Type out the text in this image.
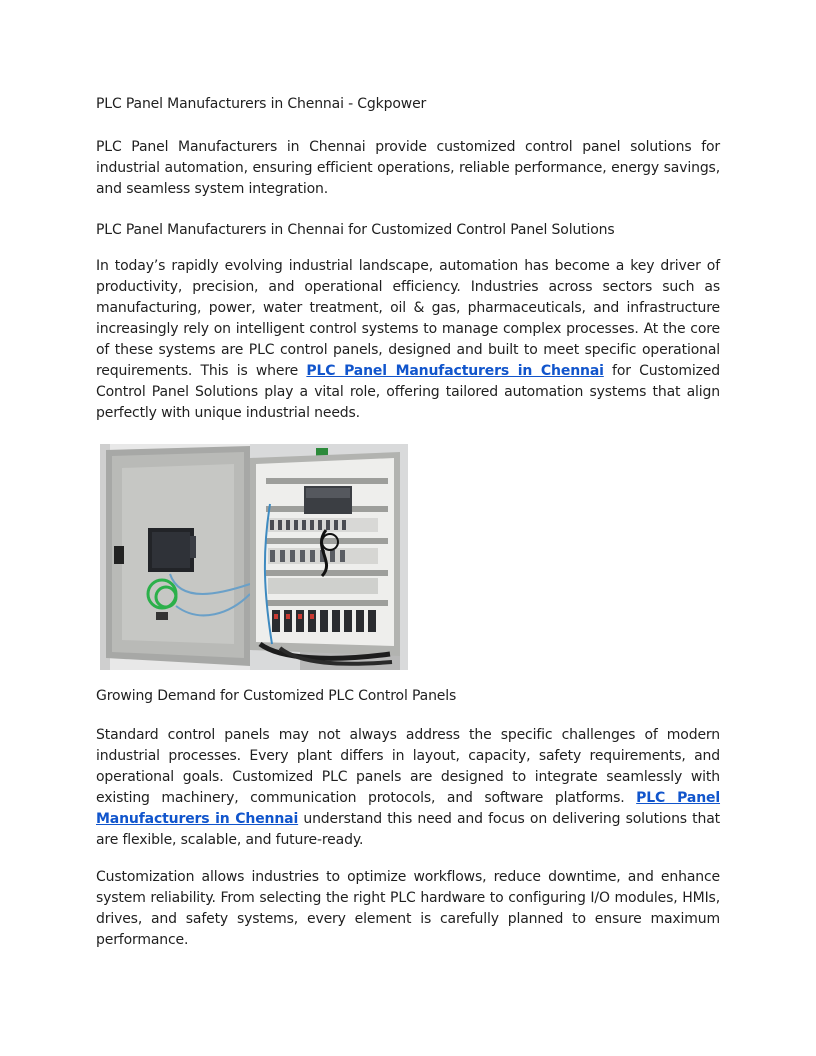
PLC Panel Manufacturers in Chennai - Cgkpower

PLC Panel Manufacturers in Chennai provide customized control panel solutions for industrial automation, ensuring efficient operations, reliable performance, energy savings, and seamless system integration.

PLC Panel Manufacturers in Chennai for Customized Control Panel Solutions

In today’s rapidly evolving industrial landscape, automation has become a key driver of productivity, precision, and operational efficiency. Industries across sectors such as manufacturing, power, water treatment, oil & gas, pharmaceuticals, and infrastructure increasingly rely on intelligent control systems to manage complex processes. At the core of these systems are PLC control panels, designed and built to meet specific operational requirements. This is where PLC Panel Manufacturers in Chennai for Customized Control Panel Solutions play a vital role, offering tailored automation systems that align perfectly with unique industrial needs.

Growing Demand for Customized PLC Control Panels

Standard control panels may not always address the specific challenges of modern industrial processes. Every plant differs in layout, capacity, safety requirements, and operational goals. Customized PLC panels are designed to integrate seamlessly with existing machinery, communication protocols, and software platforms. PLC Panel Manufacturers in Chennai understand this need and focus on delivering solutions that are flexible, scalable, and future-ready.

Customization allows industries to optimize workflows, reduce downtime, and enhance system reliability. From selecting the right PLC hardware to configuring I/O modules, HMIs, drives, and safety systems, every element is carefully planned to ensure maximum performance.
